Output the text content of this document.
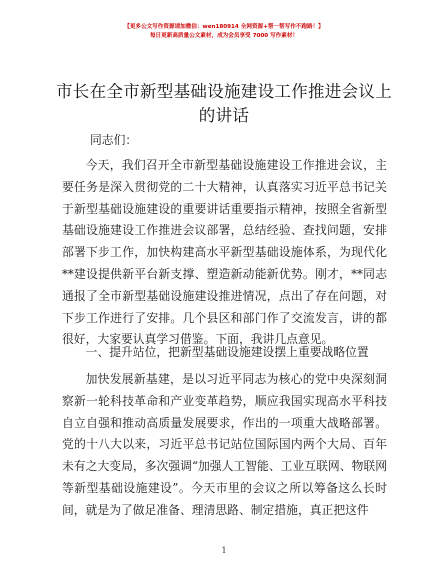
【更多公文写作资源请加微信：wen180914 全网资源+帮一帮写作不跑路！】
每日更新高质量公文素材，成为会员享受 7000 写作素材！
市长在全市新型基础设施建设工作推进会议上的讲话
同志们：
今天，我们召开全市新型基础设施建设工作推进会议，主要任务是深入贯彻党的二十大精神，认真落实习近平总书记关于新型基础设施建设的重要讲话重要指示精神，按照全省新型基础设施建设工作推进会议部署，总结经验、查找问题，安排部署下步工作，加快构建高水平新型基础设施体系，为现代化**建设提供新平台新支撑、塑造新动能新优势。刚才，**同志通报了全市新型基础设施建设推进情况，点出了存在问题，对下步工作进行了安排。几个县区和部门作了交流发言，讲的都很好，大家要认真学习借鉴。下面，我讲几点意见。
一、提升站位，把新型基础设施建设摆上重要战略位置
加快发展新基建，是以习近平同志为核心的党中央深刻洞察新一轮科技革命和产业变革趋势，顺应我国实现高水平科技自立自强和推动高质量发展要求，作出的一项重大战略部署。党的十八大以来，习近平总书记站位国际国内两个大局、百年未有之大变局，多次强调“加强人工智能、工业互联网、物联网等新型基础设施建设”。今天市里的会议之所以筹备这么长时间，就是为了做足准备、理清思路、制定措施，真正把这件
1
